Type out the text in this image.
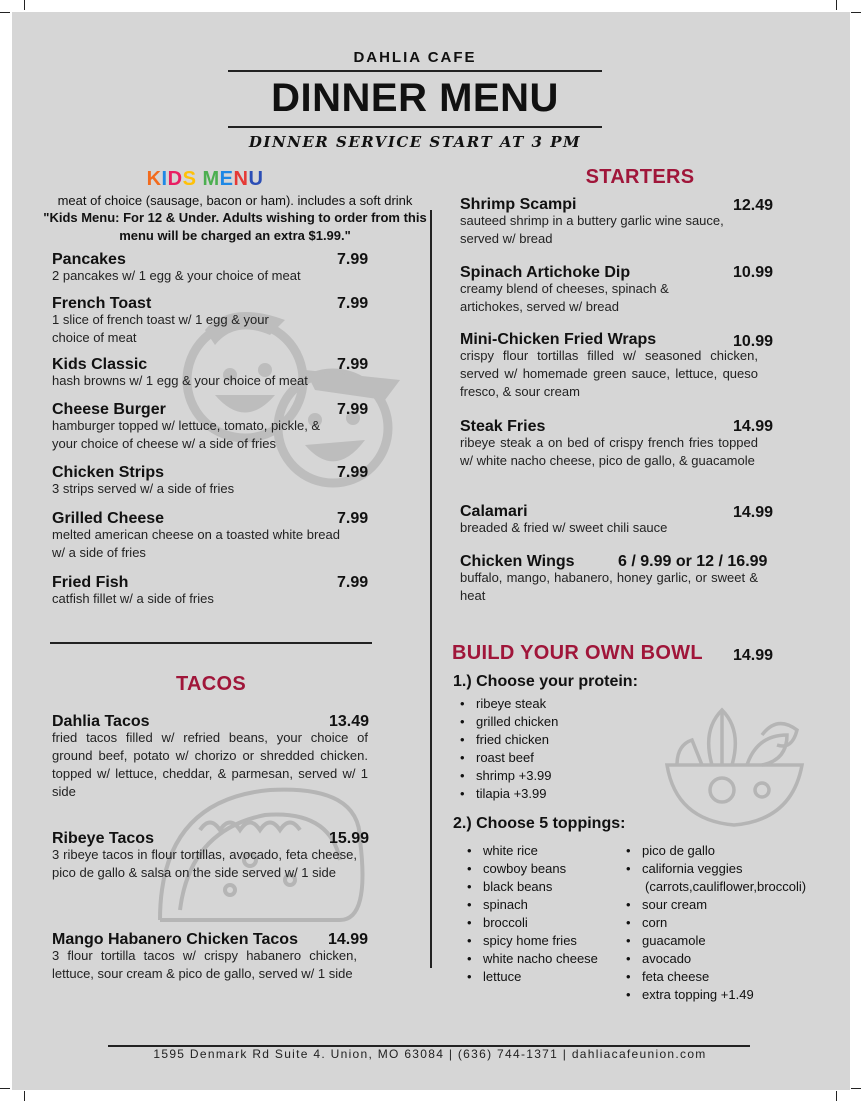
DAHLIA CAFE
DINNER MENU
DINNER SERVICE START AT 3 PM
KIDS MENU
meat of choice (sausage, bacon or ham). includes a soft drink
"Kids Menu: For 12 & Under. Adults wishing to order from this menu will be charged an extra $1.99."
Pancakes	7.99
2 pancakes w/ 1 egg & your choice of meat
French Toast	7.99
1 slice of french toast w/ 1 egg & your choice of meat
Kids Classic	7.99
hash browns w/ 1 egg & your choice of meat
Cheese Burger	7.99
hamburger topped w/ lettuce, tomato, pickle, & your choice of cheese w/ a side of fries
Chicken Strips	7.99
3 strips served w/ a side of fries
Grilled Cheese	7.99
melted american cheese on a toasted white bread w/ a side of fries
Fried Fish	7.99
catfish fillet w/ a side of fries
TACOS
Dahlia Tacos	13.49
fried tacos filled w/ refried beans, your choice of ground beef, potato w/ chorizo or shredded chicken. topped w/ lettuce, cheddar, & parmesan, served w/ 1 side
Ribeye Tacos	15.99
3 ribeye tacos in flour tortillas, avocado, feta cheese, pico de gallo & salsa on the side served w/ 1 side
Mango Habanero Chicken Tacos 14.99
3 flour tortilla tacos w/ crispy habanero chicken, lettuce, sour cream & pico de gallo, served w/ 1 side
STARTERS
Shrimp Scampi	12.49
sauteed shrimp in a buttery garlic wine sauce, served w/ bread
Spinach Artichoke Dip	10.99
creamy blend of cheeses, spinach & artichokes, served w/ bread
Mini-Chicken Fried Wraps	10.99
crispy flour tortillas filled w/ seasoned chicken, served w/ homemade green sauce, lettuce, queso fresco, & sour cream
Steak Fries	14.99
ribeye steak a on bed of crispy french fries topped w/ white nacho cheese, pico de gallo, & guacamole
Calamari	14.99
breaded & fried w/ sweet chili sauce
Chicken Wings	6 / 9.99 or 12 / 16.99
buffalo, mango, habanero, honey garlic, or sweet & heat
BUILD YOUR OWN BOWL 14.99
1.) Choose your protein:
• ribeye steak
• grilled chicken
• fried chicken
• roast beef
• shrimp +3.99
• tilapia +3.99
2.) Choose 5 toppings:
• white rice
• cowboy beans
• black beans
• spinach
• broccoli
• spicy home fries
• white nacho cheese
• lettuce
• pico de gallo
• california veggies
(carrots,cauliflower,broccoli)
• sour cream
• corn
• guacamole
• avocado
• feta cheese
• extra topping +1.49
1595 Denmark Rd Suite 4. Union, MO 63084 | (636) 744-1371 | dahliacafeunion.com
